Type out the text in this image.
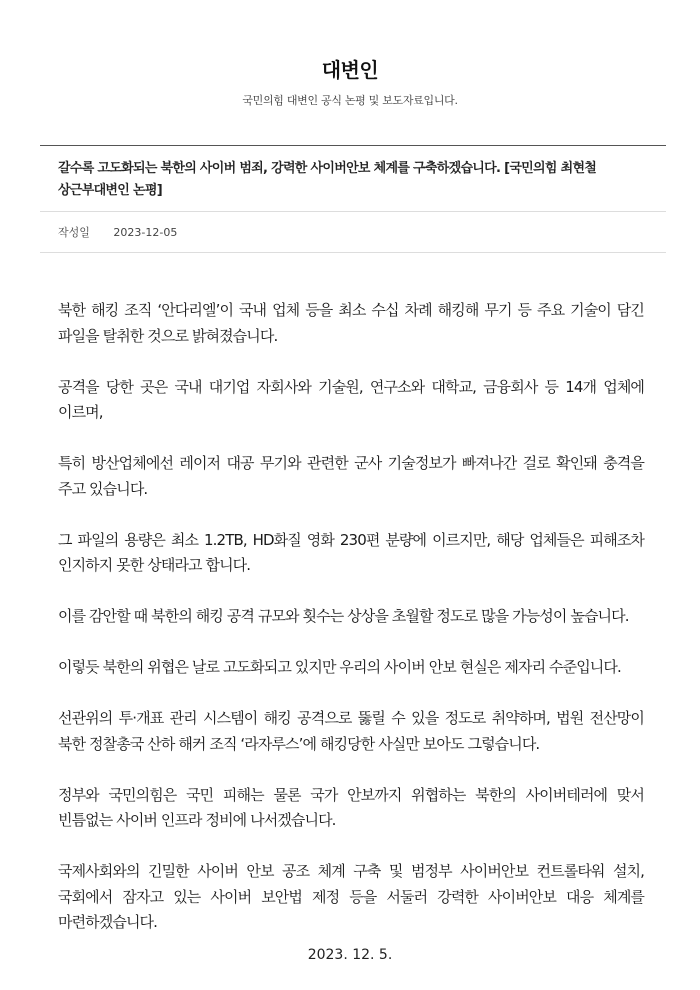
대변인
국민의힘 대변인 공식 논평 및 보도자료입니다.
갈수록 고도화되는 북한의 사이버 범죄, 강력한 사이버안보 체계를 구축하겠습니다. [국민의힘 최현철 상근부대변인 논평]
작성일 2023-12-05

북한 해킹 조직 ‘안다리엘’이 국내 업체 등을 최소 수십 차례 해킹해 무기 등 주요 기술이 담긴 파일을 탈취한 것으로 밝혀졌습니다.

공격을 당한 곳은 국내 대기업 자회사와 기술원, 연구소와 대학교, 금융회사 등 14개 업체에 이르며,

특히 방산업체에선 레이저 대공 무기와 관련한 군사 기술정보가 빠져나간 걸로 확인돼 충격을 주고 있습니다.

그 파일의 용량은 최소 1.2TB, HD화질 영화 230편 분량에 이르지만, 해당 업체들은 피해조차 인지하지 못한 상태라고 합니다.

이를 감안할 때 북한의 해킹 공격 규모와 횟수는 상상을 초월할 정도로 많을 가능성이 높습니다.

이렇듯 북한의 위협은 날로 고도화되고 있지만 우리의 사이버 안보 현실은 제자리 수준입니다.

선관위의 투·개표 관리 시스템이 해킹 공격으로 뚫릴 수 있을 정도로 취약하며, 법원 전산망이 북한 정찰총국 산하 해커 조직 ‘라자루스’에 해킹당한 사실만 보아도 그렇습니다.

정부와 국민의힘은 국민 피해는 물론 국가 안보까지 위협하는 북한의 사이버테러에 맞서 빈틈없는 사이버 인프라 정비에 나서겠습니다.

국제사회와의 긴밀한 사이버 안보 공조 체계 구축 및 범정부 사이버안보 컨트롤타워 설치, 국회에서 잠자고 있는 사이버 보안법 제정 등을 서둘러 강력한 사이버안보 대응 체계를 마련하겠습니다.

2023. 12. 5.
